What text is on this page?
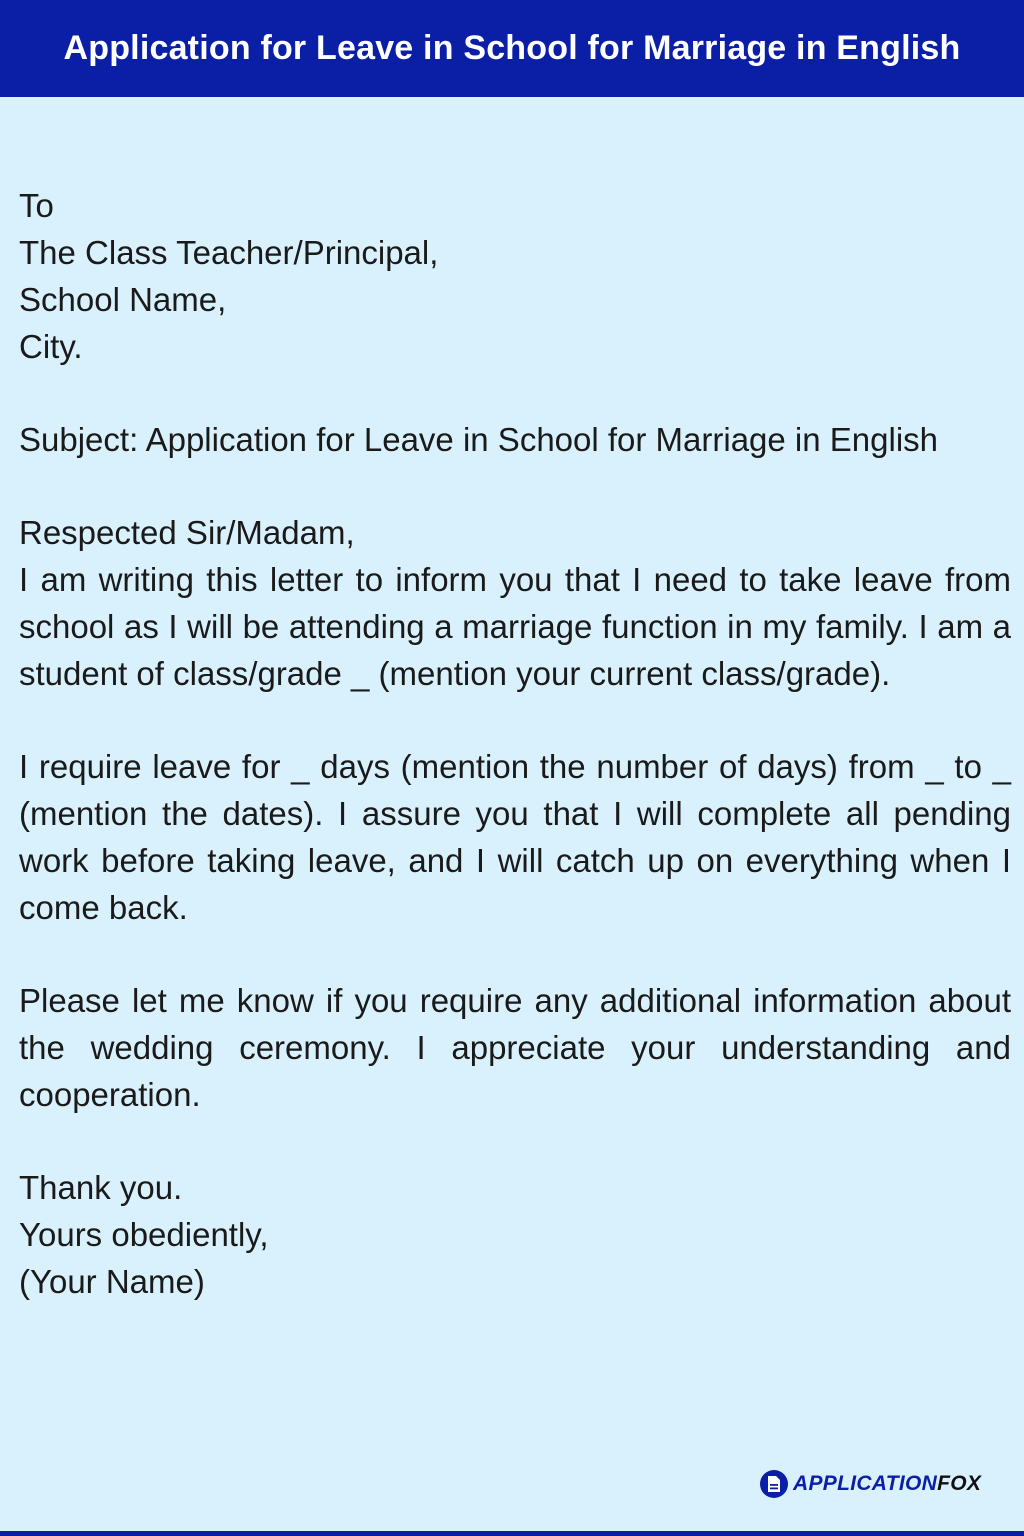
Application for Leave in School for Marriage in English

To
The Class Teacher/Principal,
School Name,
City.

Subject: Application for Leave in School for Marriage in English

Respected Sir/Madam,

I am writing this letter to inform you that I need to take leave from school as I will be attending a marriage function in my family. I am a student of class/grade _ (mention your current class/grade).

I require leave for _ days (mention the number of days) from _ to _ (mention the dates). I assure you that I will complete all pending work before taking leave, and I will catch up on everything when I come back.

Please let me know if you require any additional information about the wedding ceremony. I appreciate your understanding and cooperation.

Thank you.
Yours obediently,
(Your Name)

APPLICATIONFOX
